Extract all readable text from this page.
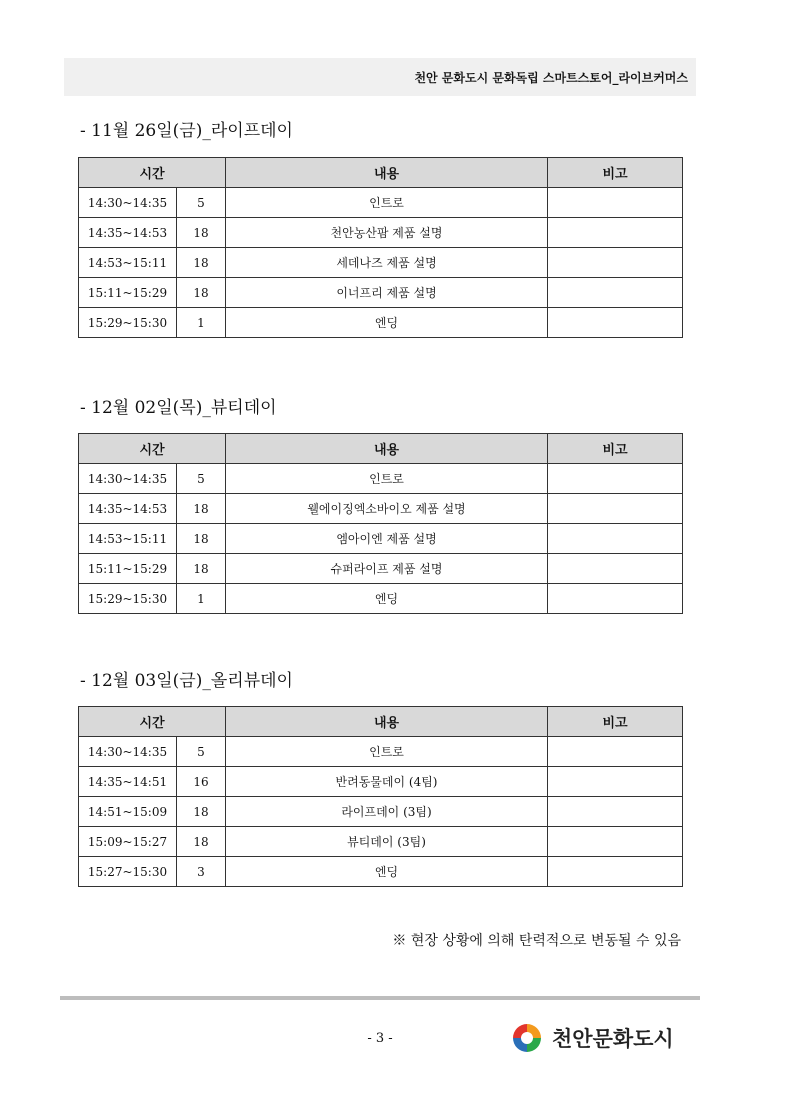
천안 문화도시 문화독립 스마트스토어_라이브커머스
- 11월 26일(금)_라이프데이
시간		내용	비고
14:30~14:35	5	인트로	
14:35~14:53	18	천안농산팜 제품 설명	
14:53~15:11	18	세데나즈 제품 설명	
15:11~15:29	18	이너프리 제품 설명	
15:29~15:30	1	엔딩	
- 12월 02일(목)_뷰티데이
시간		내용	비고
14:30~14:35	5	인트로	
14:35~14:53	18	웰에이징엑소바이오 제품 설명	
14:53~15:11	18	엠아이엔 제품 설명	
15:11~15:29	18	슈퍼라이프 제품 설명	
15:29~15:30	1	엔딩	
- 12월 03일(금)_올리뷰데이
시간		내용	비고
14:30~14:35	5	인트로	
14:35~14:51	16	반려동물데이 (4팀)	
14:51~15:09	18	라이프데이 (3팀)	
15:09~15:27	18	뷰티데이 (3팀)	
15:27~15:30	3	엔딩	
※ 현장 상황에 의해 탄력적으로 변동될 수 있음
- 3 -	천안문화도시
